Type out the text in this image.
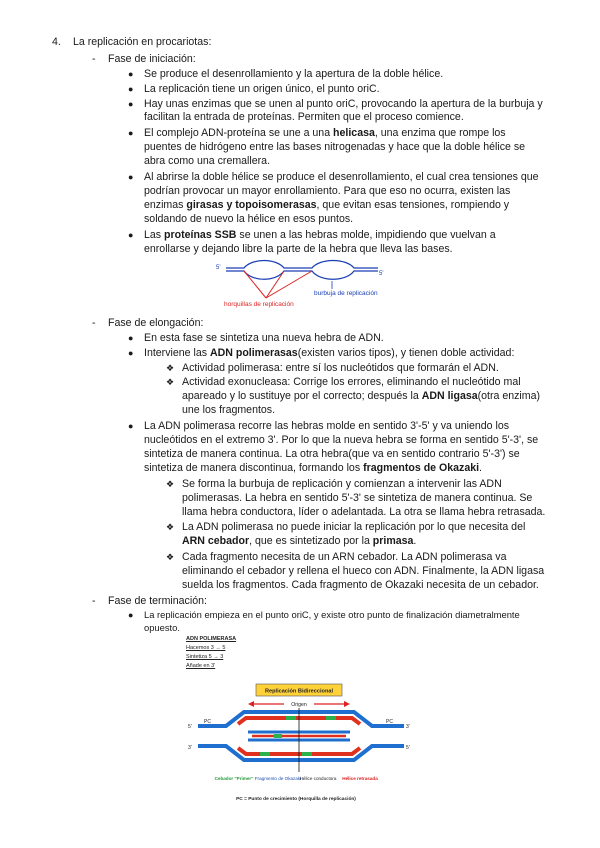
4. La replicación en procariotas:
- Fase de iniciación:
● Se produce el desenrollamiento y la apertura de la doble hélice.
● La replicación tiene un origen único, el punto oriC.
● Hay unas enzimas que se unen al punto oriC, provocando la apertura de la burbuja y
facilitan la entrada de proteínas. Permiten que el proceso comience.
● El complejo ADN-proteína se une a una helicasa, una enzima que rompe los
puentes de hidrógeno entre las bases nitrogenadas y hace que la doble hélice se
abra como una cremallera.
● Al abrirse la doble hélice se produce el desenrollamiento, el cual crea tensiones que
podrían provocar un mayor enrollamiento. Para que eso no ocurra, existen las
enzimas girasas y topoisomerasas, que evitan esas tensiones, rompiendo y
soldando de nuevo la hélice en esos puntos.
● Las proteínas SSB se unen a las hebras molde, impidiendo que vuelvan a
enrollarse y dejando libre la parte de la hebra que lleva las bases.
5'
5'
burbuja de replicación
horquillas de replicación
- Fase de elongación:
● En esta fase se sintetiza una nueva hebra de ADN.
● Interviene las ADN polimerasas(existen varios tipos), y tienen doble actividad:
❖ Actividad polimerasa: entre sí los nucleótidos que formarán el ADN.
❖ Actividad exonucleasa: Corrige los errores, eliminando el nucleótido mal
apareado y lo sustituye por el correcto; después la ADN ligasa(otra enzima)
une los fragmentos.
● La ADN polimerasa recorre las hebras molde en sentido 3'-5' y va uniendo los
nucleótidos en el extremo 3'. Por lo que la nueva hebra se forma en sentido 5'-3', se
sintetiza de manera continua. La otra hebra(que va en sentido contrario 5'-3') se
sintetiza de manera discontinua, formando los fragmentos de Okazaki.
❖ Se forma la burbuja de replicación y comienzan a intervenir las ADN
polimerasas. La hebra en sentido 5'-3' se sintetiza de manera continua. Se
llama hebra conductora, líder o adelantada. La otra se llama hebra retrasada.
❖ La ADN polimerasa no puede iniciar la replicación por lo que necesita del
ARN cebador, que es sintetizado por la primasa.
❖ Cada fragmento necesita de un ARN cebador. La ADN polimerasa va
eliminando el cebador y rellena el hueco con ADN. Finalmente, la ADN ligasa
suelda los fragmentos. Cada fragmento de Okazaki necesita de un cebador.
- Fase de terminación:
● La replicación empieza en el punto oriC, y existe otro punto de finalización diametralmente
opuesto.
ADN POLIMERASA
Hacemos 3 → 5
Sintetiza 5 → 3
Añade en 3'
Replicación Bidireccional
Origen
5'
PC	PC
3'
3'	5'
Cebador "Primer" Fragmento de Okazaki
Hélice conductora Hélice retrasada
PC = Punto de crecimiento (Horquilla de replicación)
